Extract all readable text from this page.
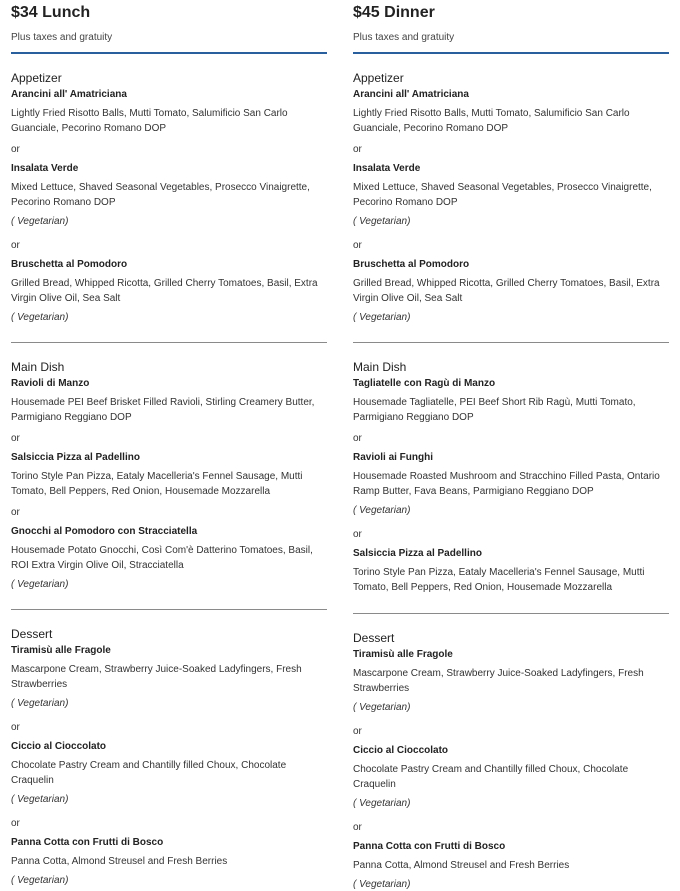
$34 Lunch
Plus taxes and gratuity
Appetizer
Arancini all' Amatriciana
Lightly Fried Risotto Balls, Mutti Tomato, Salumificio San Carlo Guanciale, Pecorino Romano DOP
or
Insalata Verde
Mixed Lettuce, Shaved Seasonal Vegetables, Prosecco Vinaigrette, Pecorino Romano DOP
( Vegetarian)
or
Bruschetta al Pomodoro
Grilled Bread, Whipped Ricotta, Grilled Cherry Tomatoes, Basil, Extra Virgin Olive Oil, Sea Salt
( Vegetarian)
Main Dish
Ravioli di Manzo
Housemade PEI Beef Brisket Filled Ravioli, Stirling Creamery Butter, Parmigiano Reggiano DOP
or
Salsiccia Pizza al Padellino
Torino Style Pan Pizza, Eataly Macelleria's Fennel Sausage, Mutti Tomato, Bell Peppers, Red Onion, Housemade Mozzarella
or
Gnocchi al Pomodoro con Stracciatella
Housemade Potato Gnocchi, Così Com'è Datterino Tomatoes, Basil, ROI Extra Virgin Olive Oil, Stracciatella
( Vegetarian)
Dessert
Tiramisù alle Fragole
Mascarpone Cream, Strawberry Juice-Soaked Ladyfingers, Fresh Strawberries
( Vegetarian)
or
Ciccio al Cioccolato
Chocolate Pastry Cream and Chantilly filled Choux, Chocolate Craquelin
( Vegetarian)
or
Panna Cotta con Frutti di Bosco
Panna Cotta, Almond Streusel and Fresh Berries
( Vegetarian)
$45 Dinner
Plus taxes and gratuity
Appetizer
Arancini all' Amatriciana
Lightly Fried Risotto Balls, Mutti Tomato, Salumificio San Carlo Guanciale, Pecorino Romano DOP
or
Insalata Verde
Mixed Lettuce, Shaved Seasonal Vegetables, Prosecco Vinaigrette, Pecorino Romano DOP
( Vegetarian)
or
Bruschetta al Pomodoro
Grilled Bread, Whipped Ricotta, Grilled Cherry Tomatoes, Basil, Extra Virgin Olive Oil, Sea Salt
( Vegetarian)
Main Dish
Tagliatelle con Ragù di Manzo
Housemade Tagliatelle, PEI Beef Short Rib Ragù, Mutti Tomato, Parmigiano Reggiano DOP
or
Ravioli ai Funghi
Housemade Roasted Mushroom and Stracchino Filled Pasta, Ontario Ramp Butter, Fava Beans, Parmigiano Reggiano DOP
( Vegetarian)
or
Salsiccia Pizza al Padellino
Torino Style Pan Pizza, Eataly Macelleria's Fennel Sausage, Mutti Tomato, Bell Peppers, Red Onion, Housemade Mozzarella
Dessert
Tiramisù alle Fragole
Mascarpone Cream, Strawberry Juice-Soaked Ladyfingers, Fresh Strawberries
( Vegetarian)
or
Ciccio al Cioccolato
Chocolate Pastry Cream and Chantilly filled Choux, Chocolate Craquelin
( Vegetarian)
or
Panna Cotta con Frutti di Bosco
Panna Cotta, Almond Streusel and Fresh Berries
( Vegetarian)
